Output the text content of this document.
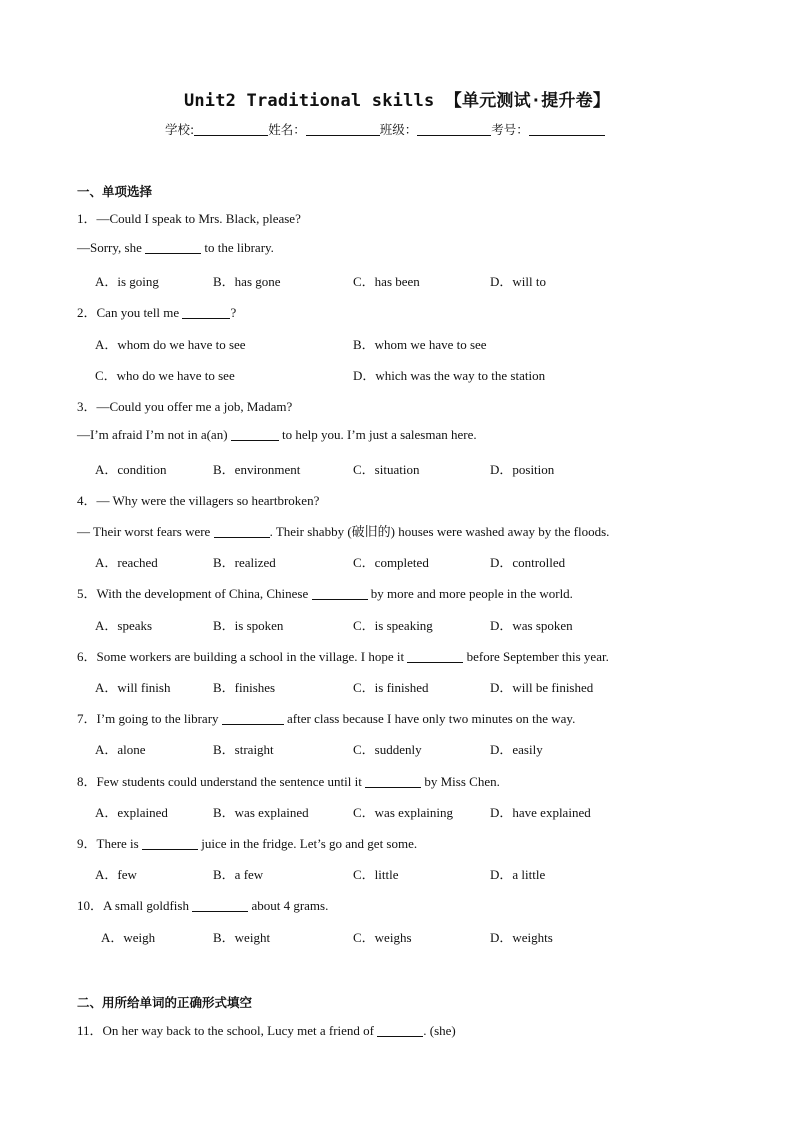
Unit2 Traditional skills 【单元测试·提升卷】
学校:	姓名：	班级：	考号：
一、单项选择
1．—Could I speak to Mrs. Black, please?
—Sorry, she	to the library.
A．is going	B．has gone	C．has been	D．will to
2．Can you tell me	?
A．whom do we have to see	B．whom we have to see
C．who do we have to see	D．which was the way to the station
3．—Could you offer me a job, Madam?
—I’m afraid I’m not in a(an)	to help you. I’m just a salesman here.
A．condition	B．environment	C．situation	D．position
4．— Why were the villagers so heartbroken?
— Their worst fears were	. Their shabby (破旧的) houses were washed away by the floods.
A．reached	B．realized	C．completed	D．controlled
5．With the development of China, Chinese	by more and more people in the world.
A．speaks	B．is spoken	C．is speaking	D．was spoken
6．Some workers are building a school in the village. I hope it	before September this year.
A．will finish	B．finishes	C．is finished	D．will be finished
7．I’m going to the library	after class because I have only two minutes on the way.
A．alone	B．straight	C．suddenly	D．easily
8．Few students could understand the sentence until it	by Miss Chen.
A．explained	B．was explained	C．was explaining	D．have explained
9．There is	juice in the fridge. Let’s go and get some.
A．few	B．a few	C．little	D．a little
10．A small goldfish	about 4 grams.
A．weigh	B．weight	C．weighs	D．weights
二、用所给单词的正确形式填空
11．On her way back to the school, Lucy met a friend of	. (she)
